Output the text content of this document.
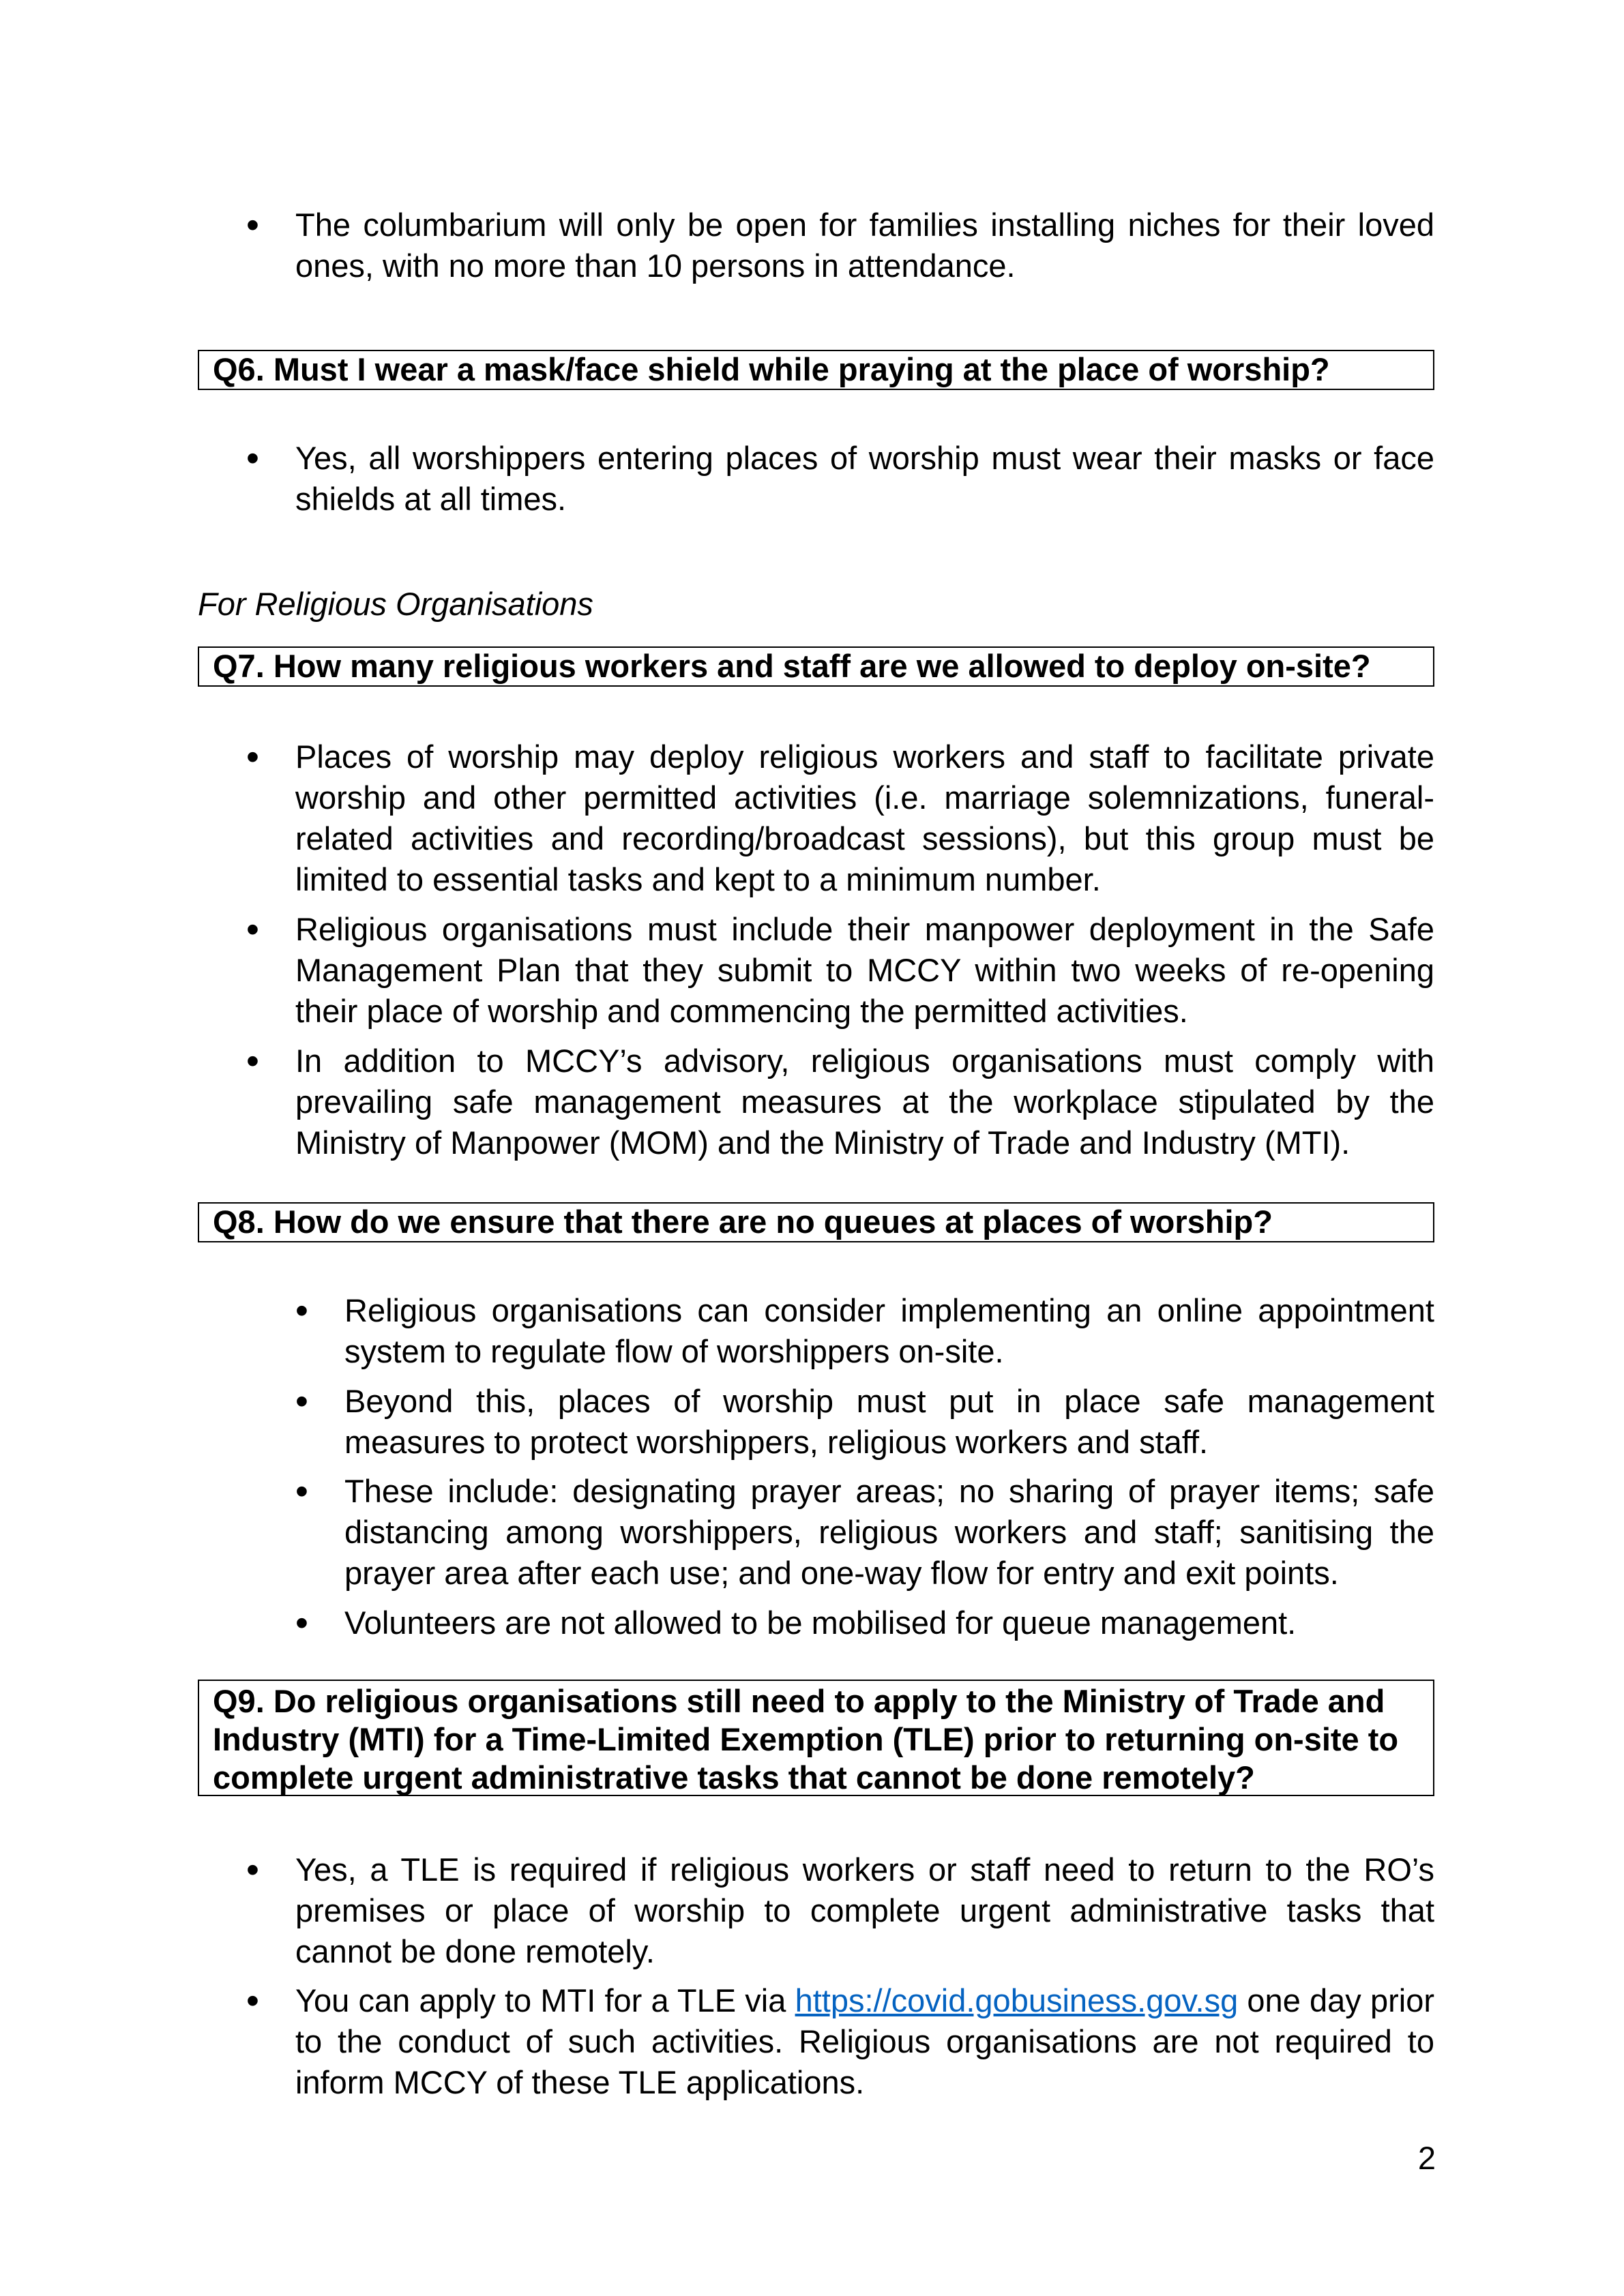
• The columbarium will only be open for families installing niches for their loved ones, with no more than 10 persons in attendance.
Q6. Must I wear a mask/face shield while praying at the place of worship?
• Yes, all worshippers entering places of worship must wear their masks or face shields at all times.
For Religious Organisations
Q7. How many religious workers and staff are we allowed to deploy on-site?
• Places of worship may deploy religious workers and staff to facilitate private worship and other permitted activities (i.e. marriage solemnizations, funeral-related activities and recording/broadcast sessions), but this group must be limited to essential tasks and kept to a minimum number.
• Religious organisations must include their manpower deployment in the Safe Management Plan that they submit to MCCY within two weeks of re-opening their place of worship and commencing the permitted activities.
• In addition to MCCY’s advisory, religious organisations must comply with prevailing safe management measures at the workplace stipulated by the Ministry of Manpower (MOM) and the Ministry of Trade and Industry (MTI).
Q8. How do we ensure that there are no queues at places of worship?
• Religious organisations can consider implementing an online appointment system to regulate flow of worshippers on-site.
• Beyond this, places of worship must put in place safe management measures to protect worshippers, religious workers and staff.
• These include: designating prayer areas; no sharing of prayer items; safe distancing among worshippers, religious workers and staff; sanitising the prayer area after each use; and one-way flow for entry and exit points.
• Volunteers are not allowed to be mobilised for queue management.
Q9. Do religious organisations still need to apply to the Ministry of Trade and Industry (MTI) for a Time-Limited Exemption (TLE) prior to returning on-site to complete urgent administrative tasks that cannot be done remotely?
• Yes, a TLE is required if religious workers or staff need to return to the RO’s premises or place of worship to complete urgent administrative tasks that cannot be done remotely.
• You can apply to MTI for a TLE via https://covid.gobusiness.gov.sg one day prior to the conduct of such activities. Religious organisations are not required to inform MCCY of these TLE applications.
2
